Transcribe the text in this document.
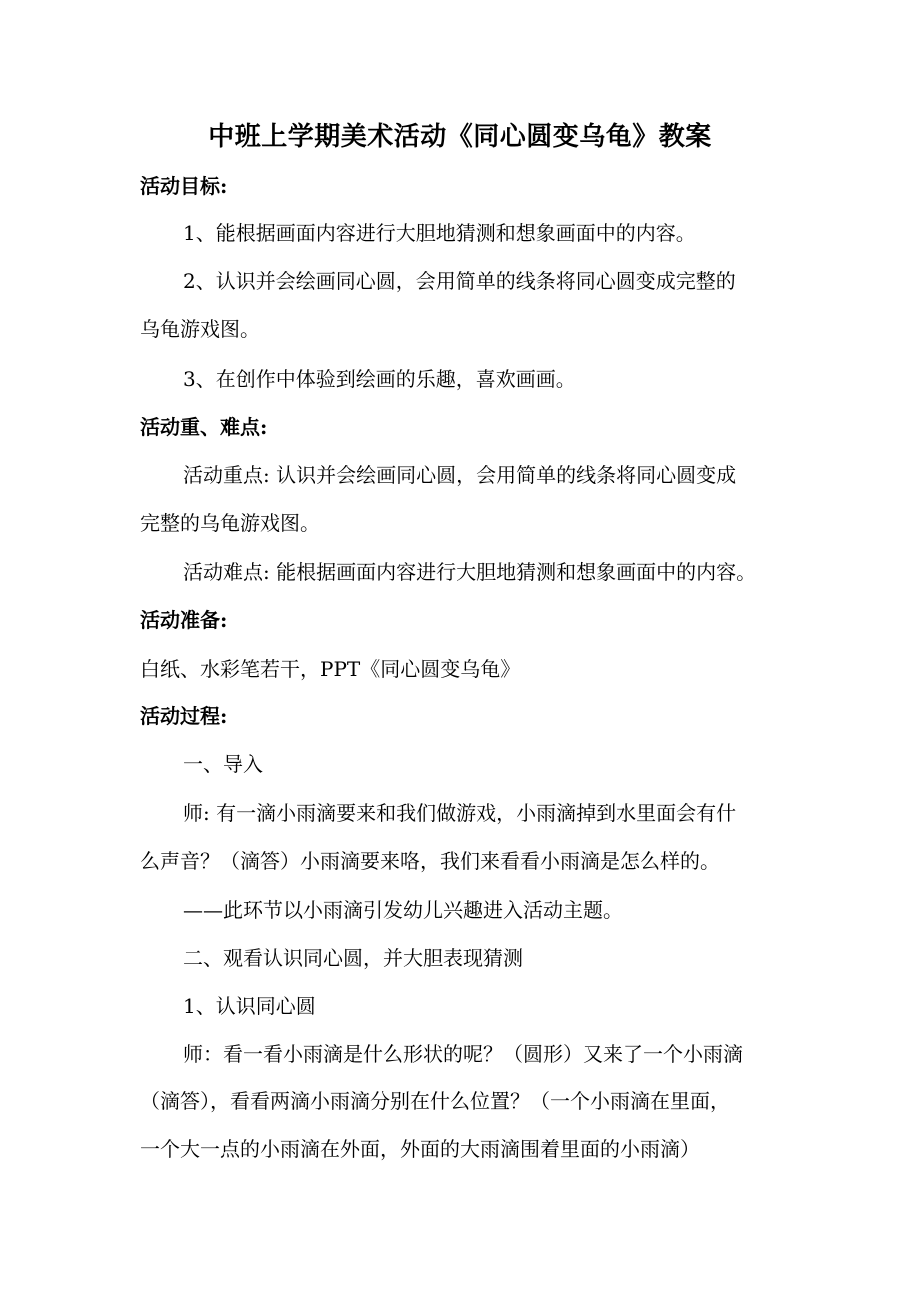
中班上学期美术活动《同心圆变乌龟》教案
活动目标:
1、能根据画面内容进行大胆地猜测和想象画面中的内容。
2、认识并会绘画同心圆，会用简单的线条将同心圆变成完整的
乌龟游戏图。
3、在创作中体验到绘画的乐趣，喜欢画画。
活动重、难点:
活动重点: 认识并会绘画同心圆，会用简单的线条将同心圆变成
完整的乌龟游戏图。
活动难点: 能根据画面内容进行大胆地猜测和想象画面中的内容。
活动准备:
白纸、水彩笔若干，PPT《同心圆变乌龟》
活动过程:
一、导入
师: 有一滴小雨滴要来和我们做游戏，小雨滴掉到水里面会有什
么声音？（滴答）小雨滴要来咯，我们来看看小雨滴是怎么样的。
——此环节以小雨滴引发幼儿兴趣进入活动主题。
二、观看认识同心圆，并大胆表现猜测
1、认识同心圆
师：看一看小雨滴是什么形状的呢？（圆形）又来了一个小雨滴
（滴答），看看两滴小雨滴分别在什么位置？（一个小雨滴在里面，
一个大一点的小雨滴在外面，外面的大雨滴围着里面的小雨滴）
